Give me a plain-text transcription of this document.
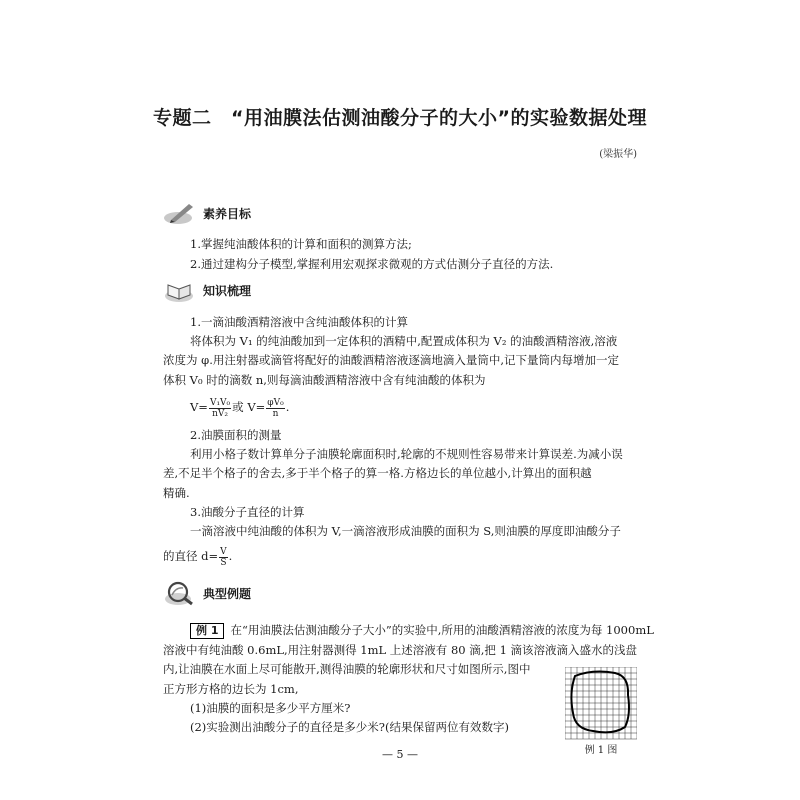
专题二　“用油膜法估测油酸分子的大小”的实验数据处理
(梁振华)
素养目标
1.掌握纯油酸体积的计算和面积的测算方法;
2.通过建构分子模型,掌握利用宏观探求微观的方式估测分子直径的方法.
知识梳理
1.一滴油酸酒精溶液中含纯油酸体积的计算
将体积为 V₁ 的纯油酸加到一定体积的酒精中,配置成体积为 V₂ 的油酸酒精溶液,溶液
浓度为 φ.用注射器或滴管将配好的油酸酒精溶液逐滴地滴入量筒中,记下量筒内每增加一定
体积 V₀ 时的滴数 n,则每滴油酸酒精溶液中含有纯油酸的体积为
$V= \frac{\text{V₁V₀}}{\text{nV₂}}$ 或 $V= \frac{\text{φV₀}}{n}$ .
2.油膜面积的测量
利用小格子数计算单分子油膜轮廓面积时,轮廓的不规则性容易带来计算误差.为减小误
差,不足半个格子的舍去,多于半个格子的算一格.方格边长的单位越小,计算出的面积越
精确.
3.油酸分子直径的计算
一滴溶液中纯油酸的体积为 V,一滴溶液形成油膜的面积为 S,则油膜的厚度即油酸分子
的直径 $d= \frac{V}{S}$ .
典型例题
例 1 在“用油膜法估测油酸分子大小”的实验中,所用的油酸酒精溶液的浓度为每 1000mL
溶液中有纯油酸 0.6mL,用注射器测得 1mL 上述溶液有 80 滴,把 1 滴该溶液滴入盛水的浅盘
内,让油膜在水面上尽可能散开,测得油膜的轮廓形状和尺寸如图所示,图中
正方形方格的边长为 1cm,
(1)油膜的面积是多少平方厘米?
(2)实验测出油酸分子的直径是多少米?(结果保留两位有效数字)
例 1 图
— 5 —
